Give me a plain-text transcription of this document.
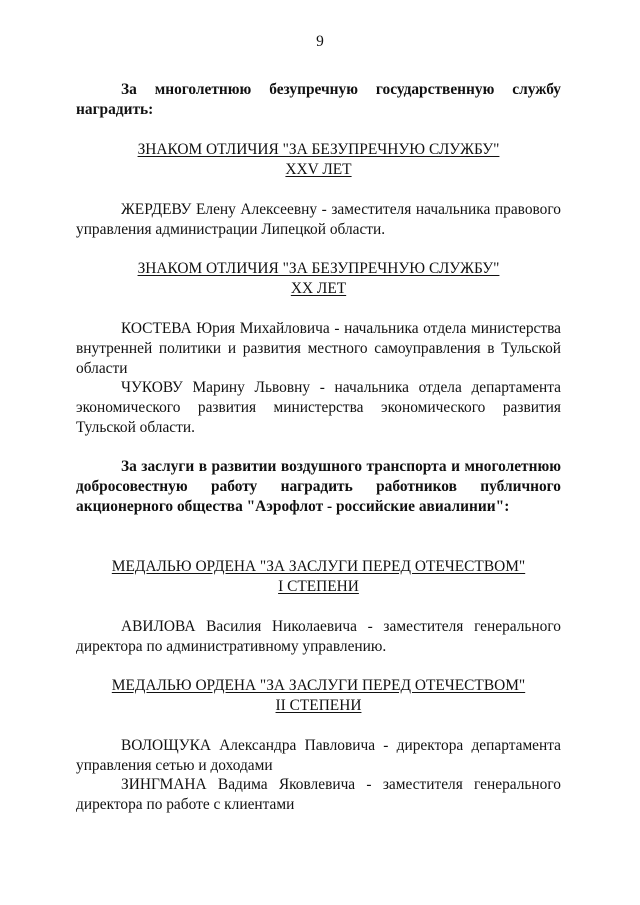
9

За многолетнюю безупречную государственную службу наградить:

ЗНАКОМ ОТЛИЧИЯ "ЗА БЕЗУПРЕЧНУЮ СЛУЖБУ"
XXV ЛЕТ

ЖЕРДЕВУ Елену Алексеевну - заместителя начальника правового управления администрации Липецкой области.

ЗНАКОМ ОТЛИЧИЯ "ЗА БЕЗУПРЕЧНУЮ СЛУЖБУ"
XX ЛЕТ

КОСТЕВА Юрия Михайловича - начальника отдела министерства внутренней политики и развития местного самоуправления в Тульской области

ЧУКОВУ Марину Львовну - начальника отдела департамента экономического развития министерства экономического развития Тульской области.

За заслуги в развитии воздушного транспорта и многолетнюю добросовестную работу наградить работников публичного акционерного общества "Аэрофлот - российские авиалинии":

МЕДАЛЬЮ ОРДЕНА "ЗА ЗАСЛУГИ ПЕРЕД ОТЕЧЕСТВОМ"
I СТЕПЕНИ

АВИЛОВА Василия Николаевича - заместителя генерального директора по административному управлению.

МЕДАЛЬЮ ОРДЕНА "ЗА ЗАСЛУГИ ПЕРЕД ОТЕЧЕСТВОМ"
II СТЕПЕНИ

ВОЛОЩУКА Александра Павловича - директора департамента управления сетью и доходами

ЗИНГМАНА Вадима Яковлевича - заместителя генерального директора по работе с клиентами
